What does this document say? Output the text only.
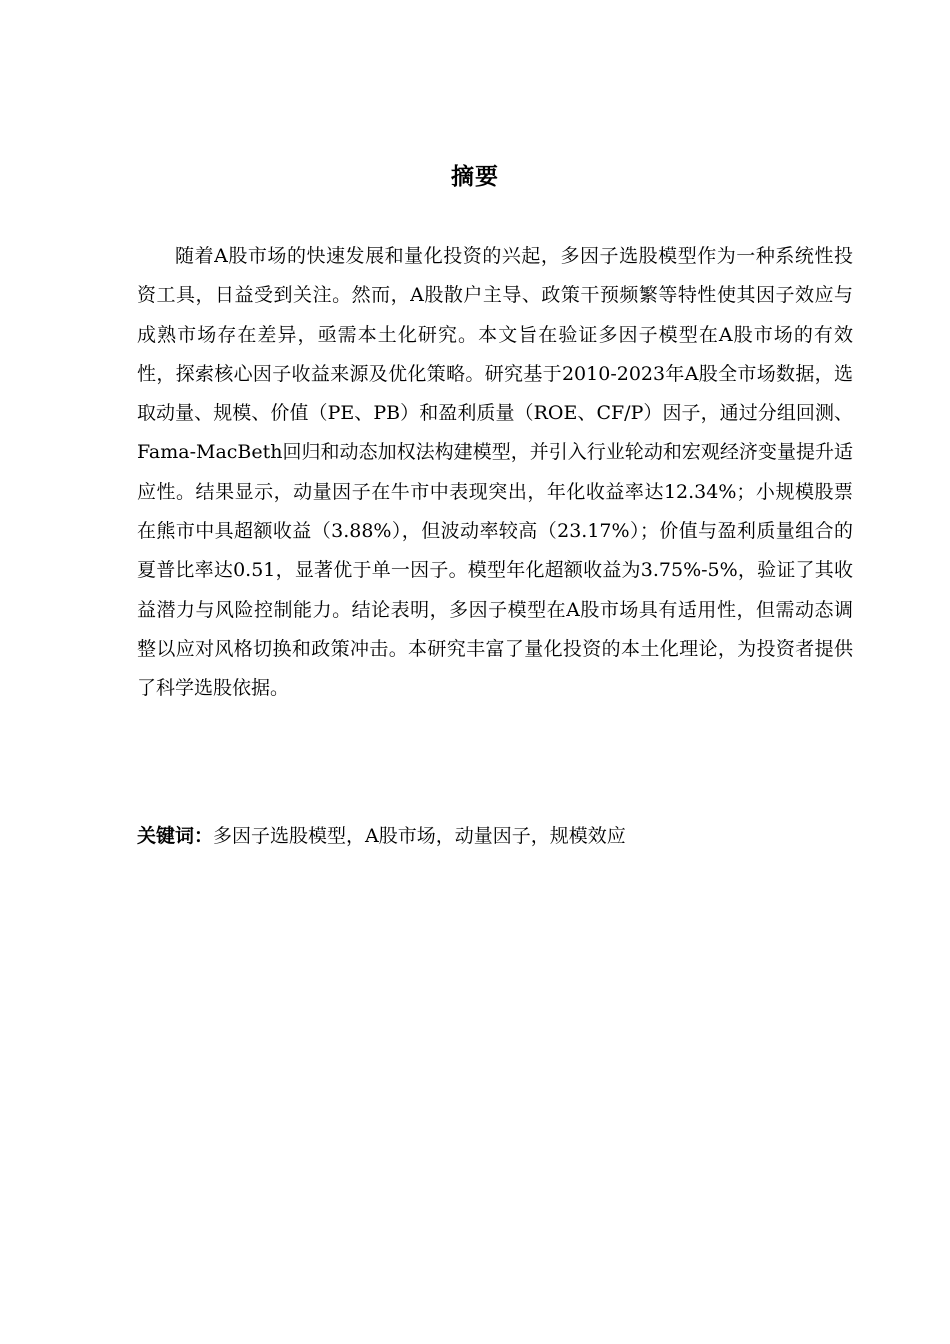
摘要

随着A股市场的快速发展和量化投资的兴起，多因子选股模型作为一种系统性投资工具，日益受到关注。然而，A股散户主导、政策干预频繁等特性使其因子效应与成熟市场存在差异，亟需本土化研究。本文旨在验证多因子模型在A股市场的有效性，探索核心因子收益来源及优化策略。研究基于2010-2023年A股全市场数据，选取动量、规模、价值（PE、PB）和盈利质量（ROE、CF/P）因子，通过分组回测、Fama-MacBeth回归和动态加权法构建模型，并引入行业轮动和宏观经济变量提升适应性。结果显示，动量因子在牛市中表现突出，年化收益率达12.34%；小规模股票在熊市中具超额收益（3.88%），但波动率较高（23.17%）；价值与盈利质量组合的夏普比率达0.51，显著优于单一因子。模型年化超额收益为3.75%-5%，验证了其收益潜力与风险控制能力。结论表明，多因子模型在A股市场具有适用性，但需动态调整以应对风格切换和政策冲击。本研究丰富了量化投资的本土化理论，为投资者提供了科学选股依据。

关键词：多因子选股模型，A股市场，动量因子，规模效应
